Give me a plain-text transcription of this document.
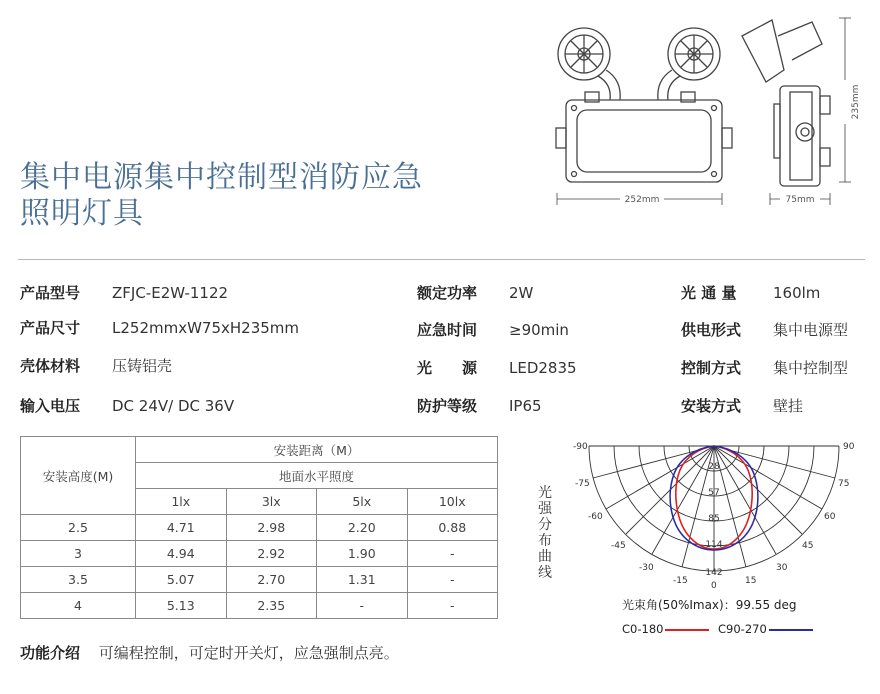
集中电源集中控制型消防应急
照明灯具	252mm	75mm
235mm
产品型号 ZFJC-E2W-1122
产品尺寸 L252mmxW75xH235mm
壳体材料 压铸铝壳
输入电压 DC 24V/ DC 36V
额定功率 2W
应急时间 ≥90min
光　　源 LED2835
防护等级 IP65
光 通 量 160lm
供电形式 集中电源型
控制方式 集中控制型
安装方式 壁挂
安装高度(M)	安装距离（M）			
	地面水平照度			
	1lx	3lx	5lx	10lx
2.5	4.71	2.98	2.20	0.88
3	4.94	2.92	1.90	-
3.5	5.07	2.70	1.31	-
4	5.13	2.35	-	-
功能介绍 可编程控制，可定时开关灯，应急强制点亮。
光强分布曲线
-90
-75
-60
-45
-30
-15	0	15
30
45
60
75
90
28
57
85
114
142
光束角(50%Imax)：99.55 deg
C0-180	C90-270
